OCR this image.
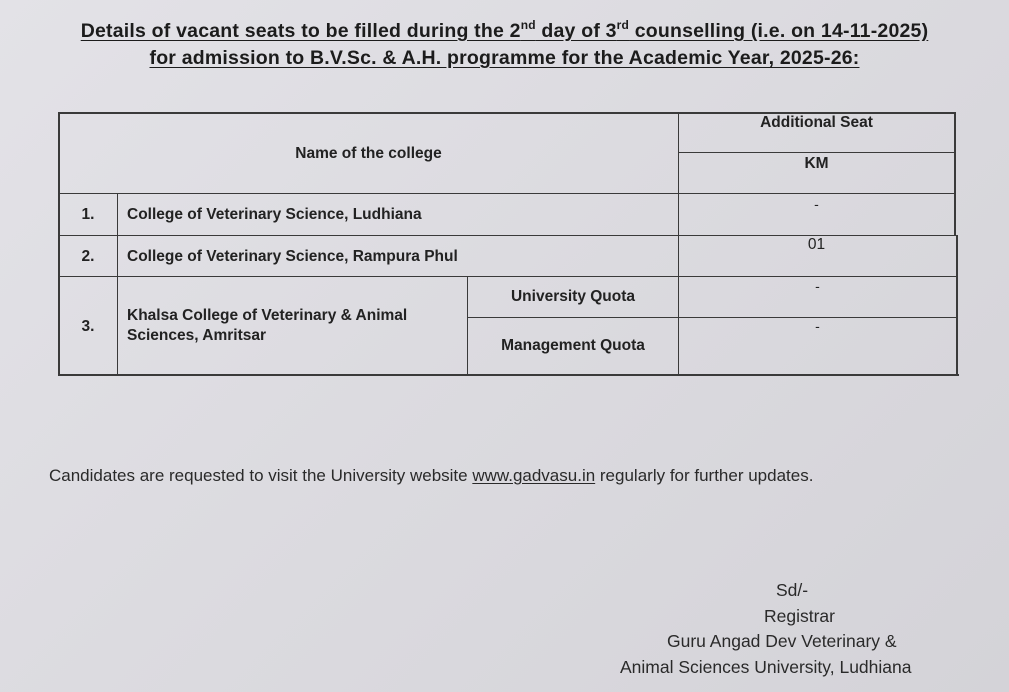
Details of vacant seats to be filled during the 2nd day of 3rd counselling (i.e. on 14-11-2025)
for admission to B.V.Sc. & A.H. programme for the Academic Year, 2025-26:
Name of the college
Additional Seat
KM
1.	College of Veterinary Science, Ludhiana
-
2.	College of Veterinary Science, Rampura Phul
01
3.
Khalsa College of Veterinary & Animal
Sciences, Amritsar
University Quota
-
Management Quota
-
Candidates are requested to visit the University website www.gadvasu.in regularly for further updates.
Sd/-
Registrar
Guru Angad Dev Veterinary &
Animal Sciences University, Ludhiana
